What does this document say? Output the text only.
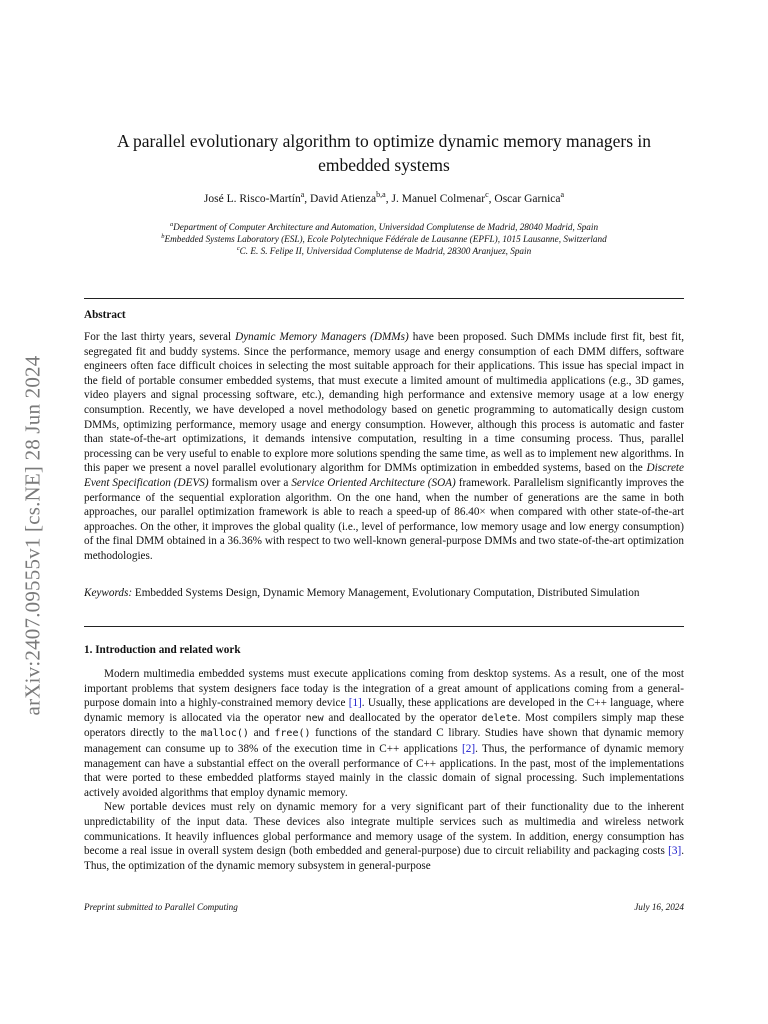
arXiv:2407.09555v1 [cs.NE] 28 Jun 2024
A parallel evolutionary algorithm to optimize dynamic memory managers in
embedded systems
José L. Risco-Martín$^a$, David Atienza$^{b,a}$, J. Manuel Colmenar$^c$, Oscar Garnica$^a$
$^a$Department of Computer Architecture and Automation, Universidad Complutense de Madrid, 28040 Madrid, Spain
$^b$Embedded Systems Laboratory (ESL), Ecole Polytechnique Fédérale de Lausanne (EPFL), 1015 Lausanne, Switzerland
$^c$C. E. S. Felipe II, Universidad Complutense de Madrid, 28300 Aranjuez, Spain
Abstract

For the last thirty years, several Dynamic Memory Managers (DMMs) have been proposed. Such DMMs include first fit, best fit, segregated fit and buddy systems. Since the performance, memory usage and energy consumption of each DMM differs, software engineers often face difficult choices in selecting the most suitable approach for their applications. This issue has special impact in the field of portable consumer embedded systems, that must execute a limited amount of multimedia applications (e.g., 3D games, video players and signal processing software, etc.), demanding high performance and extensive memory usage at a low energy consumption. Recently, we have developed a novel methodology based on genetic programming to automatically design custom DMMs, optimizing performance, memory usage and energy consumption. However, although this process is automatic and faster than state-of-the-art optimizations, it demands intensive computation, resulting in a time consuming process. Thus, parallel processing can be very useful to enable to explore more solutions spending the same time, as well as to implement new algorithms. In this paper we present a novel parallel evolutionary algorithm for DMMs optimization in embedded systems, based on the Discrete Event Specification (DEVS) formalism over a Service Oriented Architecture (SOA) framework. Parallelism significantly improves the performance of the sequential exploration algorithm. On the one hand, when the number of generations are the same in both approaches, our parallel optimization framework is able to reach a speed-up of 86.40× when compared with other state-of-the-art approaches. On the other, it improves the global quality (i.e., level of performance, low memory usage and low energy consumption) of the final DMM obtained in a 36.36% with respect to two well-known general-purpose DMMs and two state-of-the-art optimization methodologies.

Keywords: Embedded Systems Design, Dynamic Memory Management, Evolutionary Computation, Distributed Simulation

1. Introduction and related work

Modern multimedia embedded systems must execute applications coming from desktop systems. As a result, one of the most important problems that system designers face today is the integration of a great amount of applications coming from a general-purpose domain into a highly-constrained memory device [1]. Usually, these applications are developed in the C++ language, where dynamic memory is allocated via the operator new and deallocated by the operator delete. Most compilers simply map these operators directly to the malloc() and free() functions of the standard C library. Studies have shown that dynamic memory management can consume up to 38% of the execution time in C++ applications [2]. Thus, the performance of dynamic memory management can have a substantial effect on the overall performance of C++ applications. In the past, most of the implementations that were ported to these embedded platforms stayed mainly in the classic domain of signal processing. Such implementations actively avoided algorithms that employ dynamic memory.

New portable devices must rely on dynamic memory for a very significant part of their functionality due to the inherent unpredictability of the input data. These devices also integrate multiple services such as multimedia and wireless network communications. It heavily influences global performance and memory usage of the system. In addition, energy consumption has become a real issue in overall system design (both embedded and general-purpose) due to circuit reliability and packaging costs [3]. Thus, the optimization of the dynamic memory subsystem in general-purpose

Preprint submitted to Parallel Computing	July 16, 2024
